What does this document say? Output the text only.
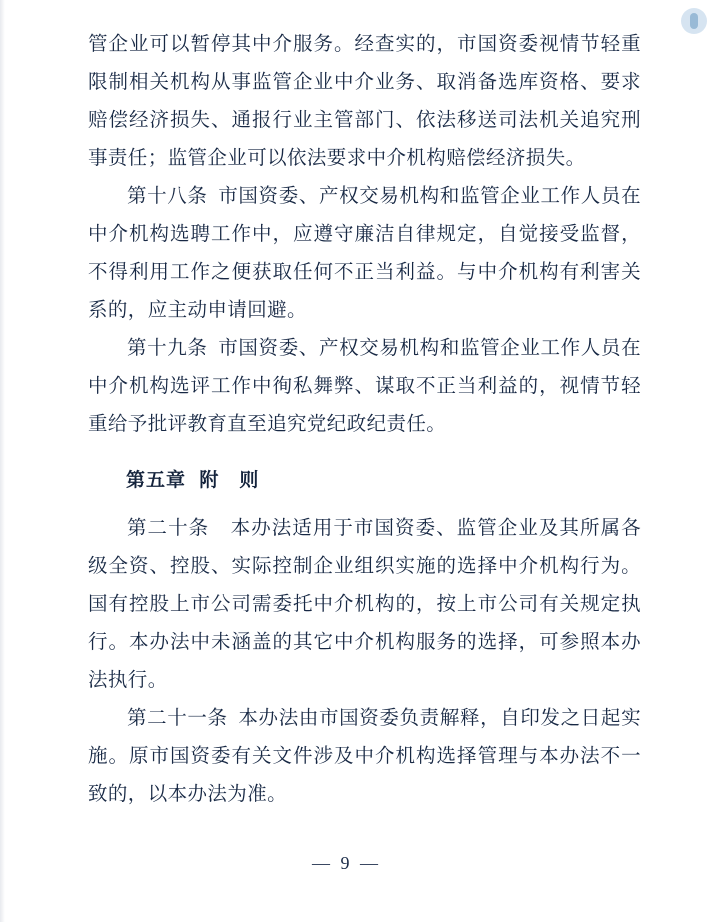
管企业可以暂停其中介服务。经查实的，市国资委视情节轻重限制相关机构从事监管企业中介业务、取消备选库资格、要求赔偿经济损失、通报行业主管部门、依法移送司法机关追究刑事责任；监管企业可以依法要求中介机构赔偿经济损失。

第十八条 市国资委、产权交易机构和监管企业工作人员在中介机构选聘工作中，应遵守廉洁自律规定，自觉接受监督，不得利用工作之便获取任何不正当利益。与中介机构有利害关系的，应主动申请回避。

第十九条 市国资委、产权交易机构和监管企业工作人员在中介机构选评工作中徇私舞弊、谋取不正当利益的，视情节轻重给予批评教育直至追究党纪政纪责任。

第五章 附　则

第二十条 本办法适用于市国资委、监管企业及其所属各级全资、控股、实际控制企业组织实施的选择中介机构行为。国有控股上市公司需委托中介机构的，按上市公司有关规定执行。本办法中未涵盖的其它中介机构服务的选择，可参照本办法执行。

第二十一条 本办法由市国资委负责解释，自印发之日起实施。原市国资委有关文件涉及中介机构选择管理与本办法不一致的，以本办法为准。

— 9 —
